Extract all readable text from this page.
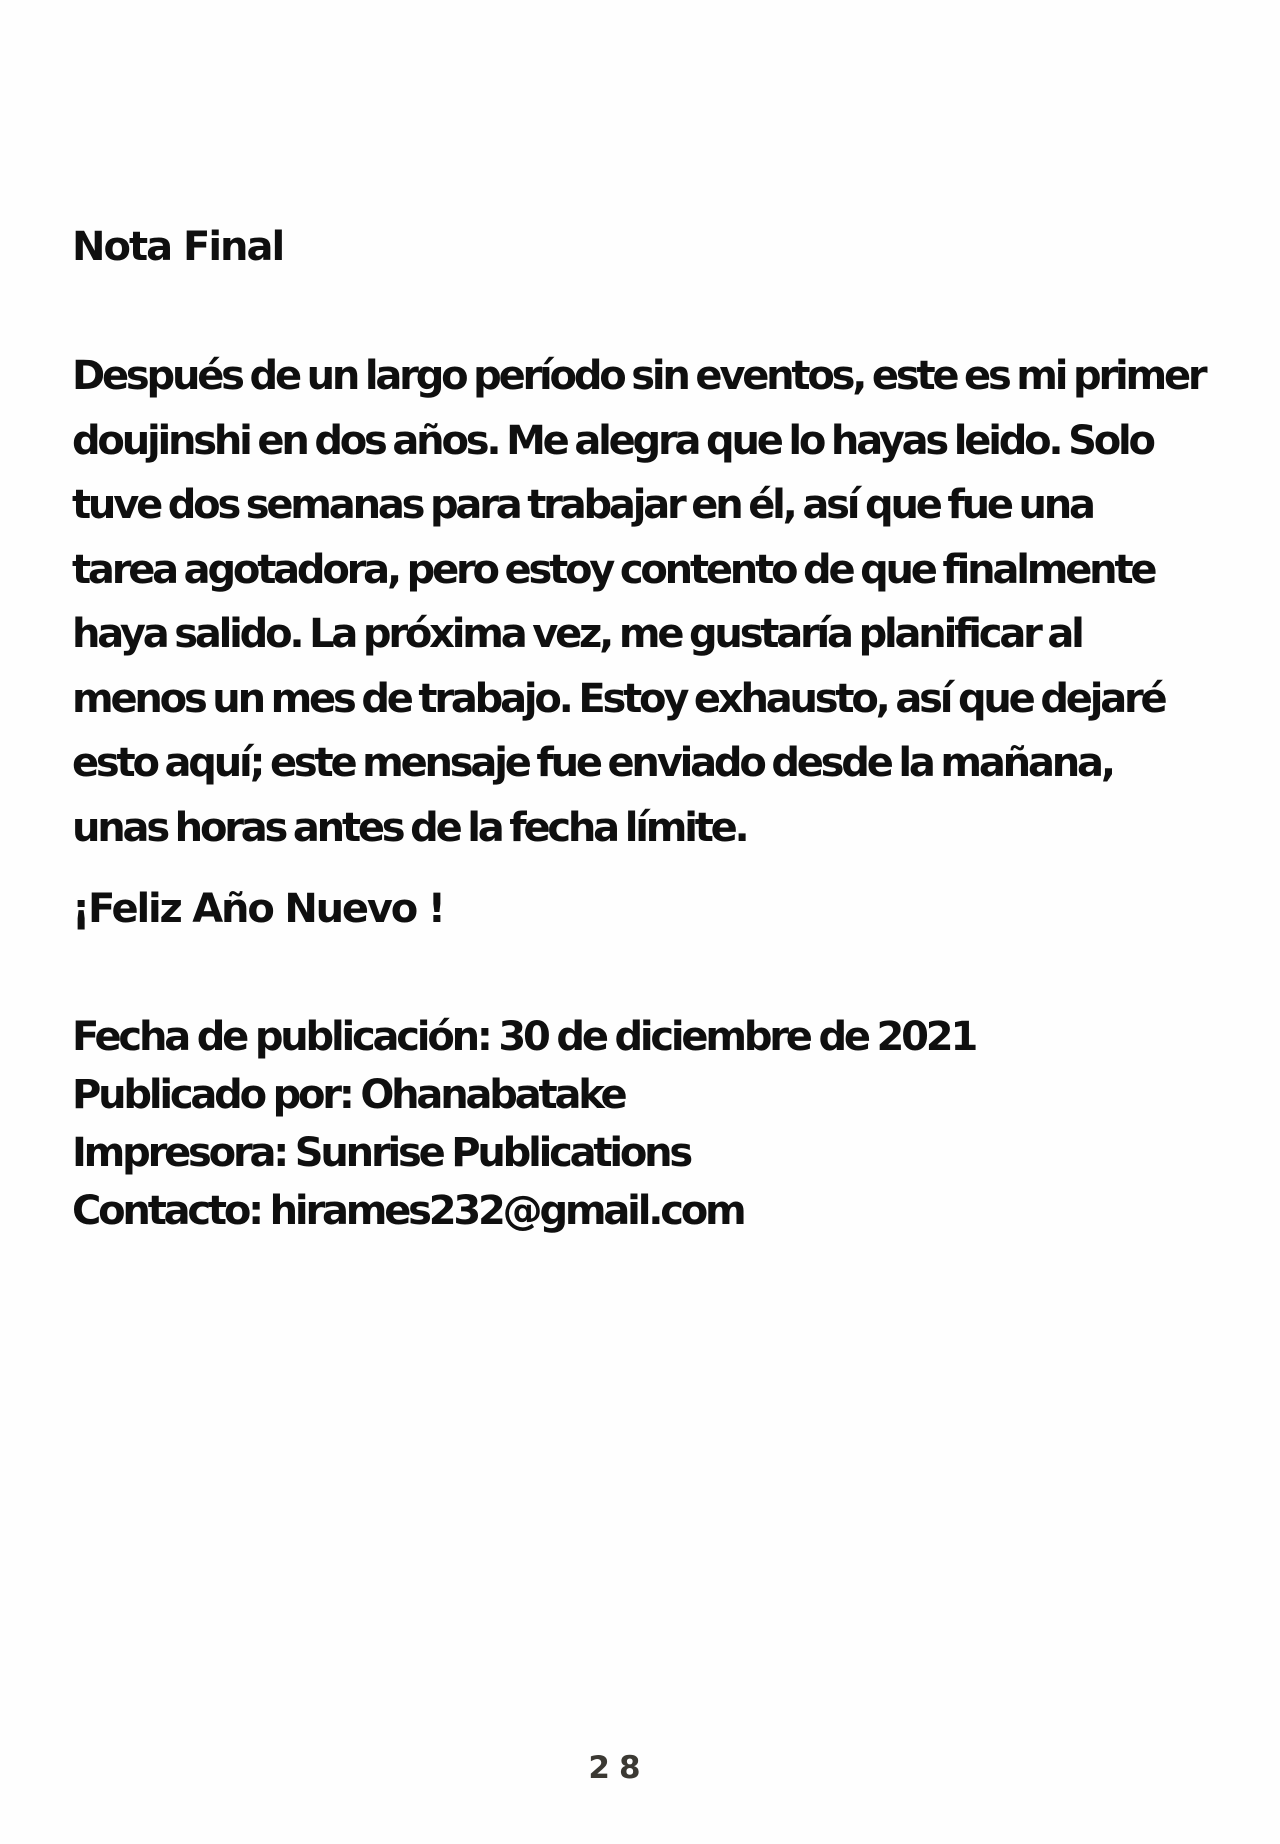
Nota Final
Después de un largo período sin eventos, este es mi primer
doujinshi en dos años. Me alegra que lo hayas leido. Solo
tuve dos semanas para trabajar en él, así que fue una
tarea agotadora, pero estoy contento de que finalmente
haya salido. La próxima vez, me gustaría planificar al
menos un mes de trabajo. Estoy exhausto, así que dejaré
esto aquí; este mensaje fue enviado desde la mañana,
unas horas antes de la fecha límite.
¡Feliz Año Nuevo !
Fecha de publicación: 30 de diciembre de 2021
Publicado por: Ohanabatake
Impresora: Sunrise Publications
Contacto: hirames232@gmail.com
28
